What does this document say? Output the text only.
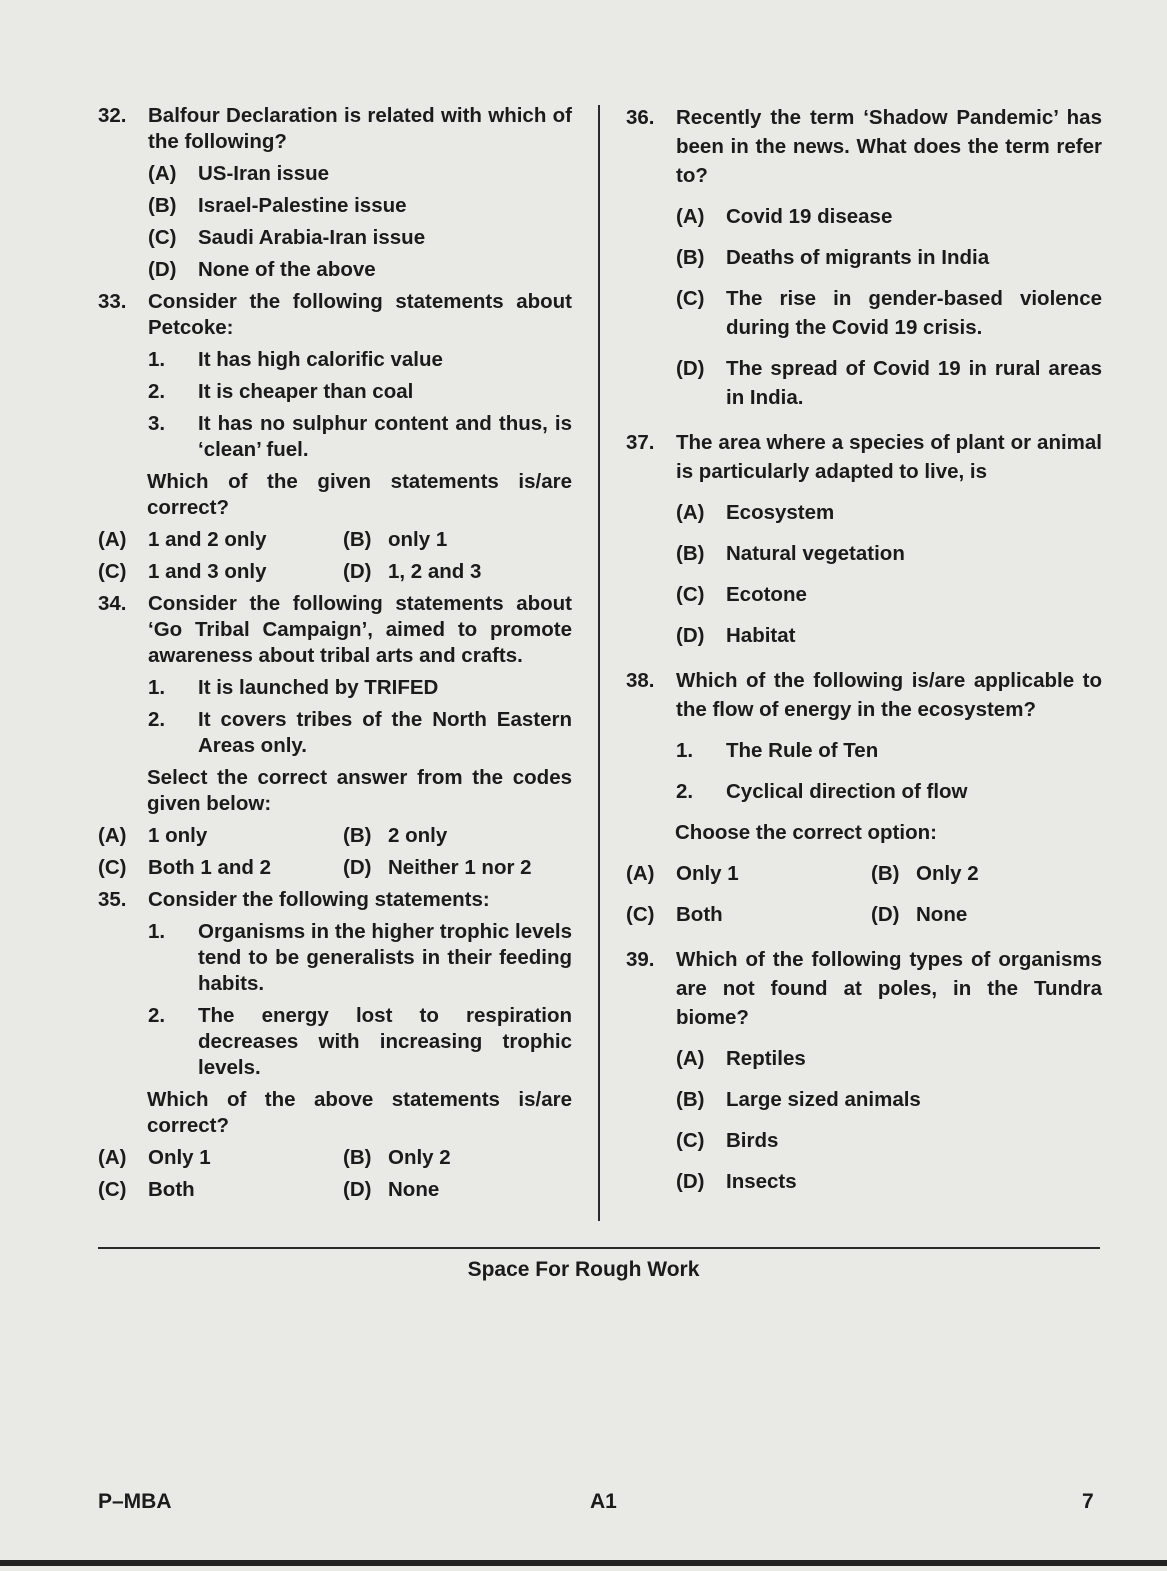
32. Balfour Declaration is related with which of the following?
(A) US-Iran issue
(B) Israel-Palestine issue
(C) Saudi Arabia-Iran issue
(D) None of the above
33. Consider the following statements about Petcoke:
1. It has high calorific value
2. It is cheaper than coal
3. It has no sulphur content and thus, is ‘clean’ fuel.
Which of the given statements is/are correct?
(A) 1 and 2 only	(B) only 1
(C) 1 and 3 only	(D) 1, 2 and 3
34. Consider the following statements about ‘Go Tribal Campaign’, aimed to promote awareness about tribal arts and crafts.
1. It is launched by TRIFED
2. It covers tribes of the North Eastern Areas only.
Select the correct answer from the codes given below:
(A) 1 only	(B) 2 only
(C) Both 1 and 2	(D) Neither 1 nor 2
35. Consider the following statements:
1. Organisms in the higher trophic levels tend to be generalists in their feeding habits.
2. The energy lost to respiration decreases with increasing trophic levels.
Which of the above statements is/are correct?
(A) Only 1	(B) Only 2
(C) Both	(D) None
36. Recently the term ‘Shadow Pandemic’ has been in the news. What does the term refer to?
(A) Covid 19 disease
(B) Deaths of migrants in India
(C) The rise in gender-based violence during the Covid 19 crisis.
(D) The spread of Covid 19 in rural areas in India.
37. The area where a species of plant or animal is particularly adapted to live, is
(A) Ecosystem
(B) Natural vegetation
(C) Ecotone
(D) Habitat
38. Which of the following is/are applicable to the flow of energy in the ecosystem?
1. The Rule of Ten
2. Cyclical direction of flow
Choose the correct option:
(A) Only 1	(B) Only 2
(C) Both	(D) None
39. Which of the following types of organisms are not found at poles, in the Tundra biome?
(A) Reptiles
(B) Large sized animals
(C) Birds
(D) Insects
Space For Rough Work
P–MBA	A1	7
